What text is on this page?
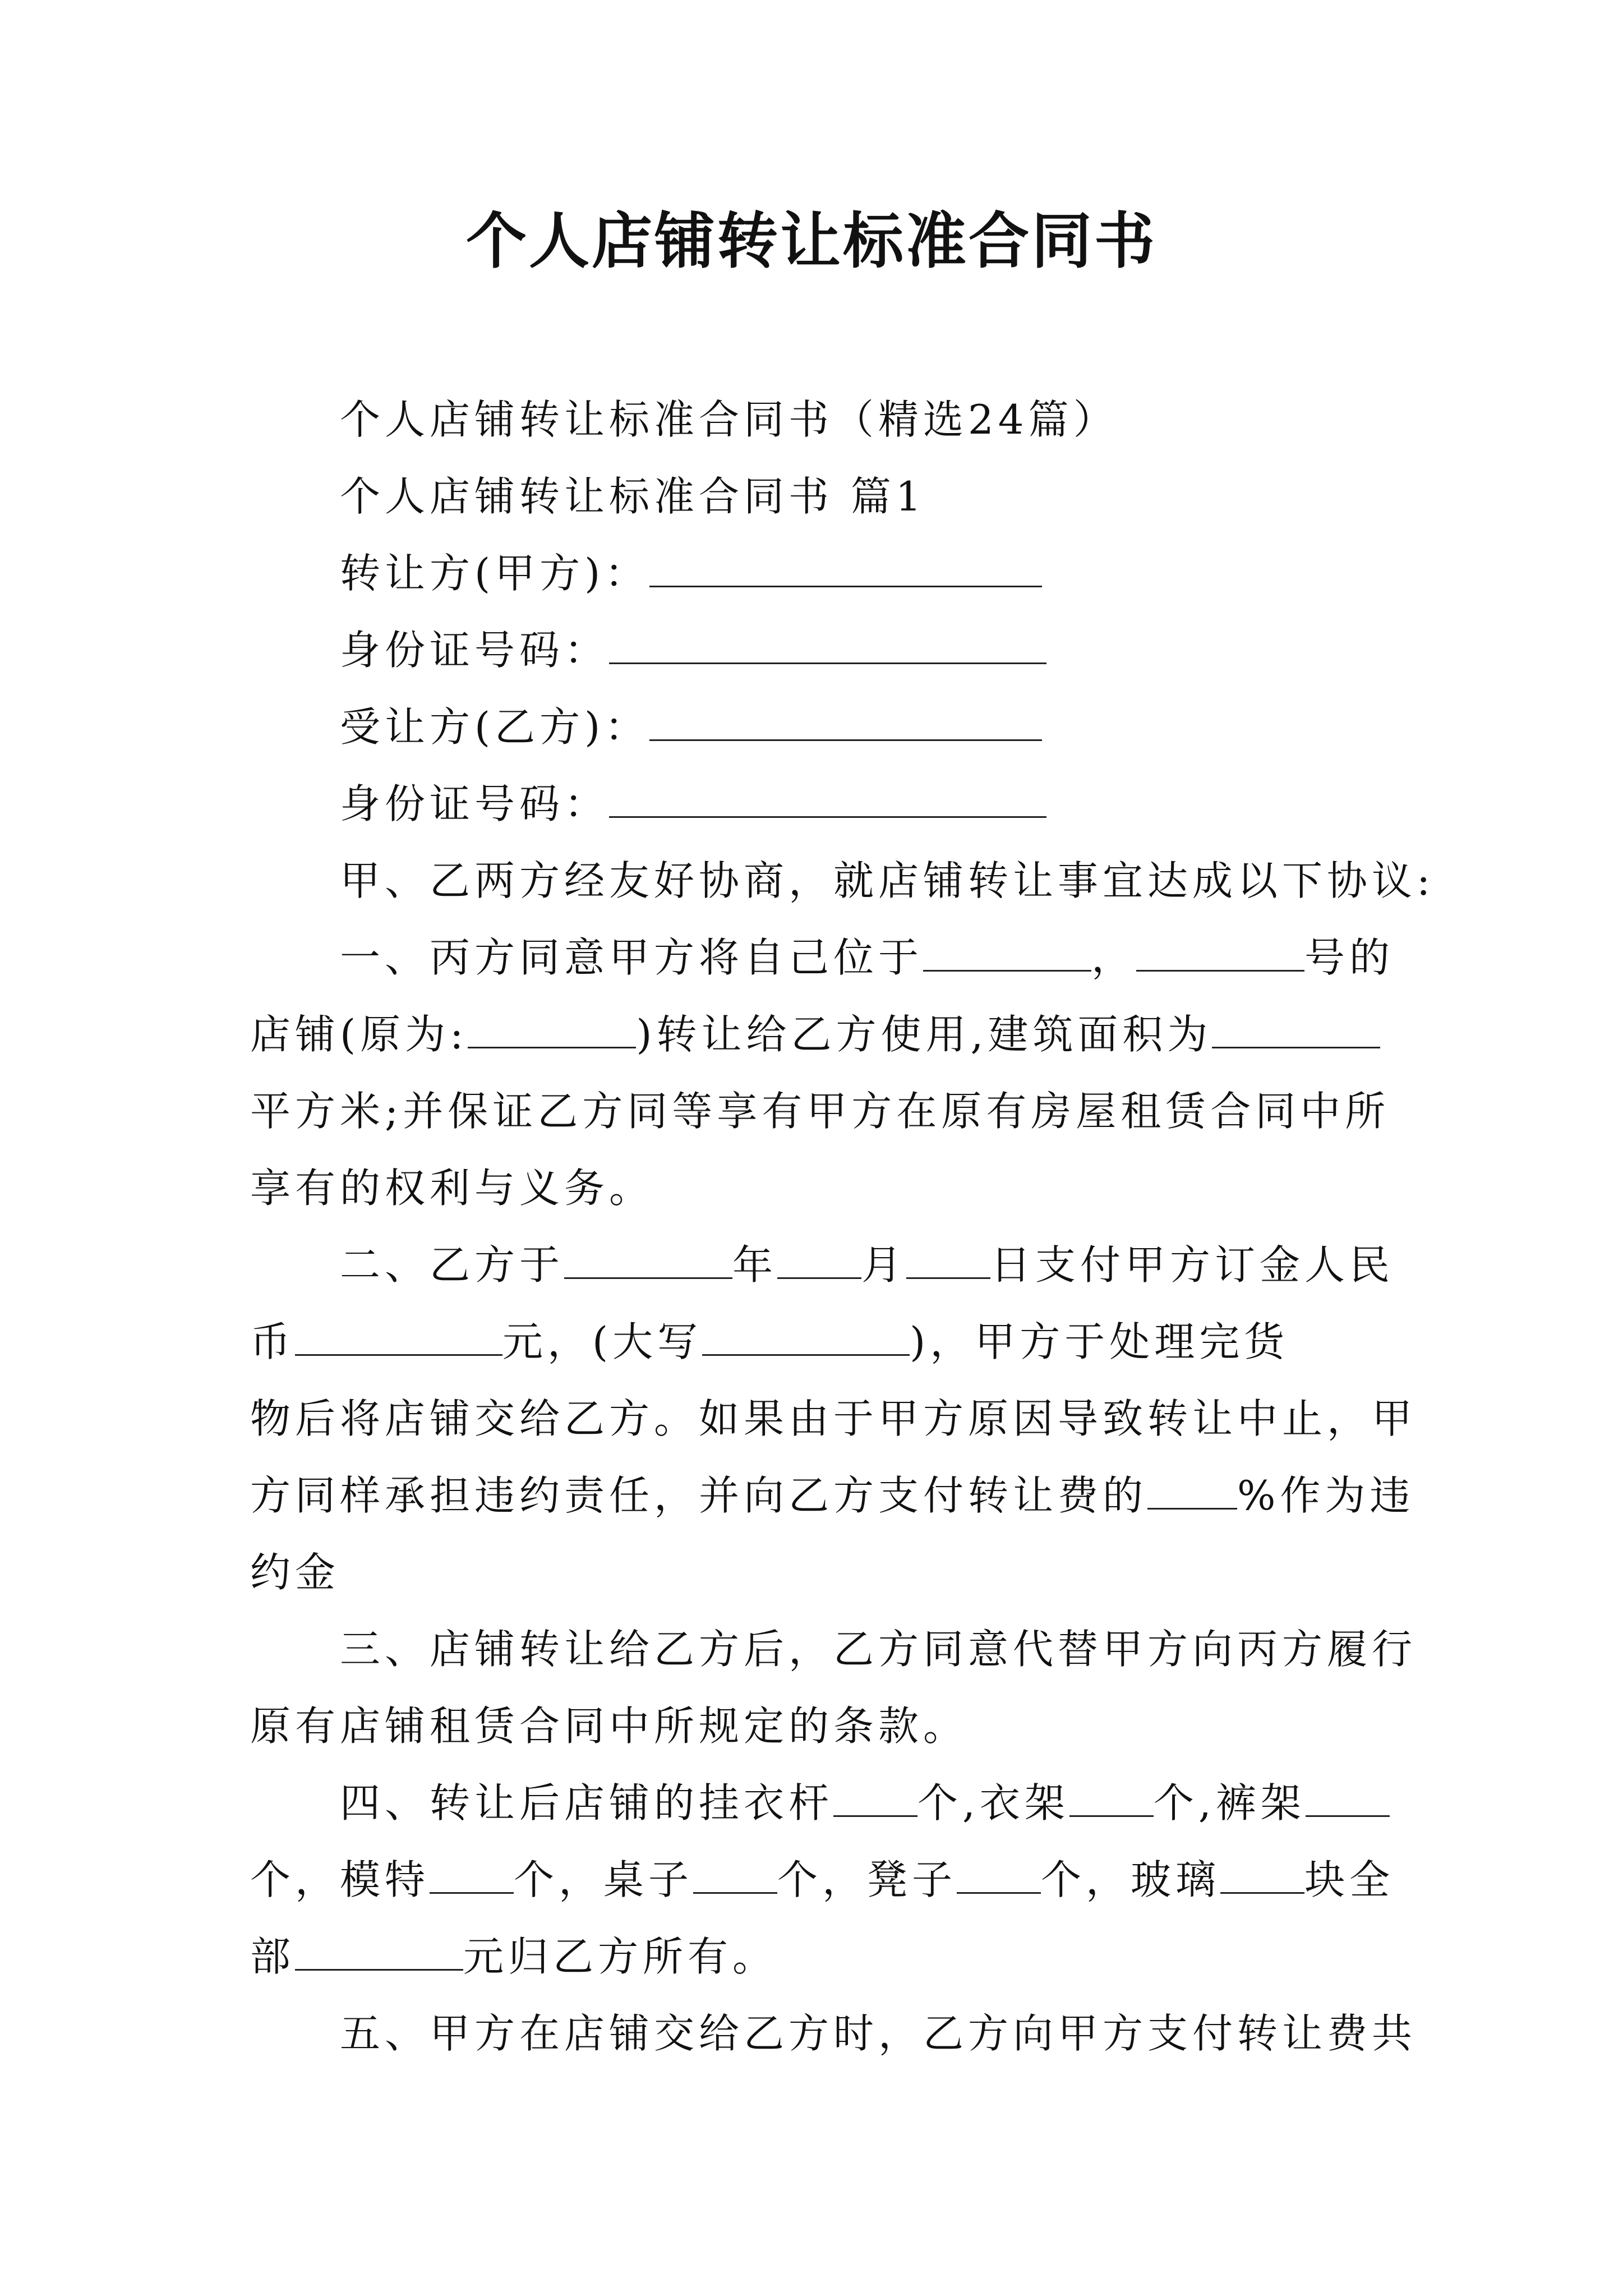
个人店铺转让标准合同书
个人店铺转让标准合同书（精选24篇）
个人店铺转让标准合同书 篇1
转让方(甲方)：
身份证号码：
受让方(乙方)：
身份证号码：
甲、乙两方经友好协商，就店铺转让事宜达成以下协议:
一、丙方同意甲方将自己位于	，	号的
店铺(原为:	)转让给乙方使用,建筑面积为
平方米;并保证乙方同等享有甲方在原有房屋租赁合同中所
享有的权利与义务。
二、乙方于	年 月 日支付甲方订金人民
币	元，(大写	)，甲方于处理完货
物后将店铺交给乙方。如果由于甲方原因导致转让中止，甲
方同样承担违约责任，并向乙方支付转让费的 %作为违
约金
三、店铺转让给乙方后，乙方同意代替甲方向丙方履行
原有店铺租赁合同中所规定的条款。
四、转让后店铺的挂衣杆 个,衣架 个,裤架
个，模特 个，桌子 个，凳子 个，玻璃 块全
部	元归乙方所有。
五、甲方在店铺交给乙方时，乙方向甲方支付转让费共
